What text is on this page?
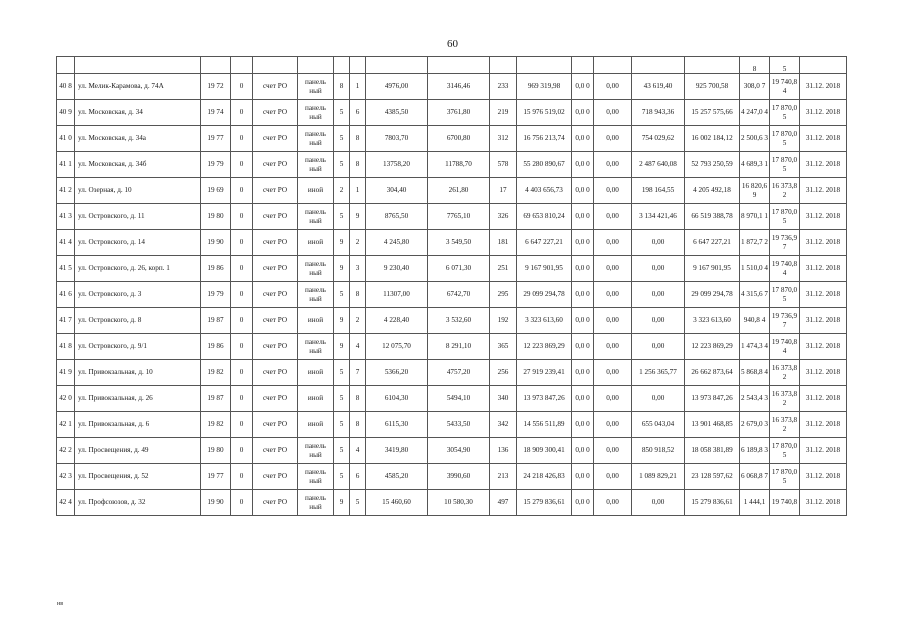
60
																8	5	
40 8	ул. Мелик-Карамова, д. 74А	19 72	0	счет РО	панель ный	8	1	4976,00	3146,46	233	969 319,98	0,0 0	0,00	43 619,40	925 700,58	308,0 7	19 740,8 4	31.12. 2018
40 9	ул. Московская, д. 34	19 74	0	счет РО	панель ный	5	6	4385,50	3761,80	219	15 976 519,02	0,0 0	0,00	718 943,36	15 257 575,66	4 247,0 4	17 870,0 5	31.12. 2018
41 0	ул. Московская, д. 34а	19 77	0	счет РО	панель ный	5	8	7803,70	6700,80	312	16 756 213,74	0,0 0	0,00	754 029,62	16 002 184,12	2 500,6 3	17 870,0 5	31.12. 2018
41 1	ул. Московская, д. 34б	19 79	0	счет РО	панель ный	5	8	13758,20	11788,70	578	55 280 890,67	0,0 0	0,00	2 487 640,08	52 793 250,59	4 689,3 1	17 870,0 5	31.12. 2018
41 2	ул. Озерная, д. 10	19 69	0	счет РО	иной	2	1	304,40	261,80	17	4 403 656,73	0,0 0	0,00	198 164,55	4 205 492,18	16 820,6 9	16 373,8 2	31.12. 2018
41 3	ул. Островского, д. 11	19 80	0	счет РО	панель ный	5	9	8765,50	7765,10	326	69 653 810,24	0,0 0	0,00	3 134 421,46	66 519 388,78	8 970,1 1	17 870,0 5	31.12. 2018
41 4	ул. Островского, д. 14	19 90	0	счет РО	иной	9	2	4 245,80	3 549,50	181	6 647 227,21	0,0 0	0,00	0,00	6 647 227,21	1 872,7 2	19 736,9 7	31.12. 2018
41 5	ул. Островского, д. 26, корп. 1	19 86	0	счет РО	панель ный	9	3	9 230,40	6 071,30	251	9 167 901,95	0,0 0	0,00	0,00	9 167 901,95	1 510,0 4	19 740,8 4	31.12. 2018
41 6	ул. Островского, д. 3	19 79	0	счет РО	панель ный	5	8	11307,00	6742,70	295	29 099 294,78	0,0 0	0,00	0,00	29 099 294,78	4 315,6 7	17 870,0 5	31.12. 2018
41 7	ул. Островского, д. 8	19 87	0	счет РО	иной	9	2	4 228,40	3 532,60	192	3 323 613,60	0,0 0	0,00	0,00	3 323 613,60	940,8 4	19 736,9 7	31.12. 2018
41 8	ул. Островского, д. 9/1	19 86	0	счет РО	панель ный	9	4	12 075,70	8 291,10	365	12 223 869,29	0,0 0	0,00	0,00	12 223 869,29	1 474,3 4	19 740,8 4	31.12. 2018
41 9	ул. Привокзальная, д. 10	19 82	0	счет РО	иной	5	7	5366,20	4757,20	256	27 919 239,41	0,0 0	0,00	1 256 365,77	26 662 873,64	5 868,8 4	16 373,8 2	31.12. 2018
42 0	ул. Привокзальная, д. 26	19 87	0	счет РО	иной	5	8	6104,30	5494,10	340	13 973 847,26	0,0 0	0,00	0,00	13 973 847,26	2 543,4 3	16 373,8 2	31.12. 2018
42 1	ул. Привокзальная, д. 6	19 82	0	счет РО	иной	5	8	6115,30	5433,50	342	14 556 511,89	0,0 0	0,00	655 043,04	13 901 468,85	2 679,0 3	16 373,8 2	31.12. 2018
42 2	ул. Просвещения, д. 49	19 80	0	счет РО	панель ный	5	4	3419,80	3054,90	136	18 909 300,41	0,0 0	0,00	850 918,52	18 058 381,89	6 189,8 3	17 870,0 5	31.12. 2018
42 3	ул. Просвещения, д. 52	19 77	0	счет РО	панель ный	5	6	4585,20	3990,60	213	24 218 426,83	0,0 0	0,00	1 089 829,21	23 128 597,62	6 068,8 7	17 870,0 5	31.12. 2018
42 4	ул. Профсоюзов, д. 32	19 90	0	счет РО	панель ный	9	5	15 460,60	10 580,30	497	15 279 836,61	0,0 0	0,00	0,00	15 279 836,61	1 444,1	19 740,8	31.12. 2018
нв
